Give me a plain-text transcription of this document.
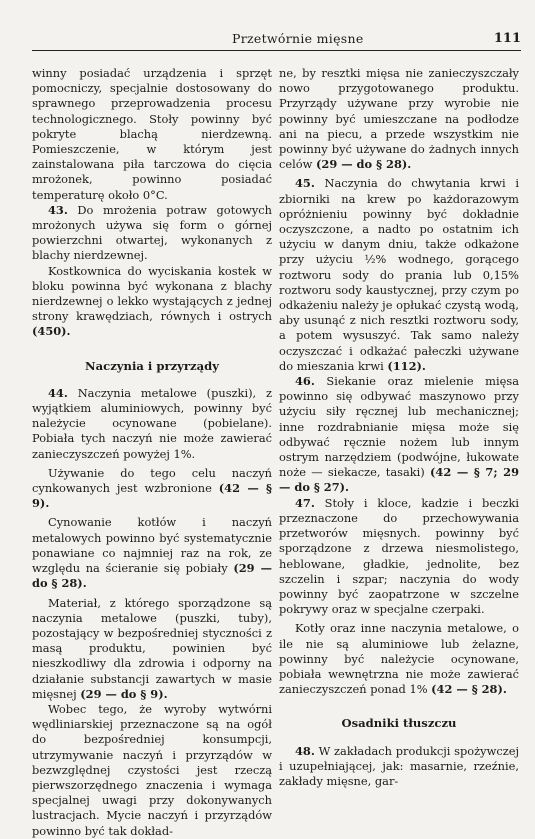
Przetwórnie mięsne	111

winny posiadać urządzenia i sprzęt pomocniczy, specjalnie dostosowany do sprawnego przeprowadzenia procesu technologicznego. Stoły powinny być pokryte blachą nierdzewną. Pomieszczenie, w którym jest zainstalowana piła tarczowa do cięcia mrożonek, powinno posiadać temperaturę około 0°C.

43. Do mrożenia potraw gotowych mrożonych używa się form o górnej powierzchni otwartej, wykonanych z blachy nierdzewnej.

Kostkownica do wyciskania kostek w bloku powinna być wykonana z blachy nierdzewnej o lekko wystających z jednej strony krawędziach, równych i ostrych (450).

Naczynia i przyrządy

44. Naczynia metalowe (puszki), z wyjątkiem aluminiowych, powinny być należycie ocynowane (pobielane). Pobiała tych naczyń nie może zawierać zanieczyszczeń powyżej 1%.

Używanie do tego celu naczyń cynkowanych jest wzbronione (42 — § 9).

Cynowanie kotłów i naczyń metalowych powinno być systematycznie ponawiane co najmniej raz na rok, ze względu na ścieranie się pobiały (29 — do § 28).

Materiał, z którego sporządzone są naczynia metalowe (puszki, tuby), pozostający w bezpośredniej styczności z masą produktu, powinien być nieszkodliwy dla zdrowia i odporny na działanie substancji zawartych w masie mięsnej (29 — do § 9).

Wobec tego, że wyroby wytwórni wędliniarskiej przeznaczone są na ogół do bezpośredniej konsumpcji, utrzymywanie naczyń i przyrządów w bezwzględnej czystości jest rzeczą pierwszorzędnego znaczenia i wymaga specjalnej uwagi przy dokonywanych lustracjach. Mycie naczyń i przyrządów powinno być tak dokład-

ne, by resztki mięsa nie zanieczyszczały nowo przygotowanego produktu. Przyrządy używane przy wyrobie nie powinny być umieszczane na podłodze ani na piecu, a przede wszystkim nie powinny być używane do żadnych innych celów (29 — do § 28).

45. Naczynia do chwytania krwi i zbiorniki na krew po każdorazowym opróżnieniu powinny być dokładnie oczyszczone, a nadto po ostatnim ich użyciu w danym dniu, także odkażone przy użyciu ½% wodnego, gorącego roztworu sody do prania lub 0,15% roztworu sody kaustycznej, przy czym po odkażeniu należy je opłukać czystą wodą, aby usunąć z nich resztki roztworu sody, a potem wysuszyć. Tak samo należy oczyszczać i odkażać pałeczki używane do mieszania krwi (112).

46. Siekanie oraz mielenie mięsa powinno się odbywać maszynowo przy użyciu siły ręcznej lub mechanicznej; inne rozdrabnianie mięsa może się odbywać ręcznie nożem lub innym ostrym narzędziem (podwójne, łukowate noże — siekacze, tasaki) (42 — § 7; 29 — do § 27).

47. Stoły i kloce, kadzie i beczki przeznaczone do przechowywania przetworów mięsnych. powinny być sporządzone z drzewa niesmolistego, heblowane, gładkie, jednolite, bez szczelin i szpar; naczynia do wody powinny być zaopatrzone w szczelne pokrywy oraz w specjalne czerpaki.

Kotły oraz inne naczynia metalowe, o ile nie są aluminiowe lub żelazne, powinny być należycie ocynowane, pobiała wewnętrzna nie może zawierać zanieczyszczeń ponad 1% (42 — § 28).

Osadniki tłuszczu

48. W zakładach produkcji spożywczej i uzupełniającej, jak: masarnie, rzeźnie, zakłady mięsne, gar-
